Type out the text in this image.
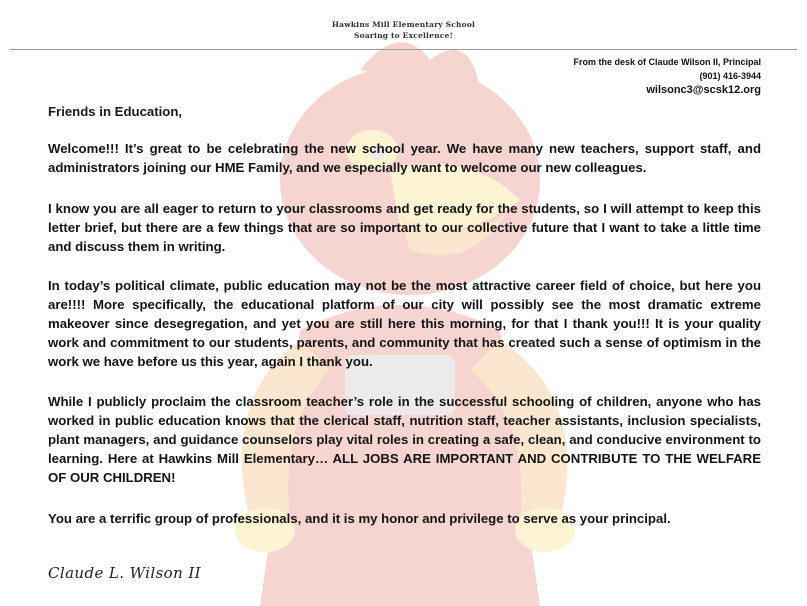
Hawkins Mill Elementary School
Soaring to Excellence!
From the desk of Claude Wilson II, Principal
(901) 416-3944
wilsonc3@scsk12.org
Friends in Education,

Welcome!!! It’s great to be celebrating the new school year. We have many new teachers, support staff, and administrators joining our HME Family, and we especially want to welcome our new colleagues.

I know you are all eager to return to your classrooms and get ready for the students, so I will attempt to keep this letter brief, but there are a few things that are so important to our collective future that I want to take a little time and discuss them in writing.

In today’s political climate, public education may not be the most attractive career field of choice, but here you are!!!! More specifically, the educational platform of our city will possibly see the most dramatic extreme makeover since desegregation, and yet you are still here this morning, for that I thank you!!! It is your quality work and commitment to our students, parents, and community that has created such a sense of optimism in the work we have before us this year, again I thank you.

While I publicly proclaim the classroom teacher’s role in the successful schooling of children, anyone who has worked in public education knows that the clerical staff, nutrition staff, teacher assistants, inclusion specialists, plant managers, and guidance counselors play vital roles in creating a safe, clean, and conducive environment to learning. Here at Hawkins Mill Elementary… ALL JOBS ARE IMPORTANT AND CONTRIBUTE TO THE WELFARE OF OUR CHILDREN!

You are a terrific group of professionals, and it is my honor and privilege to serve as your principal.

Claude L. Wilson II
